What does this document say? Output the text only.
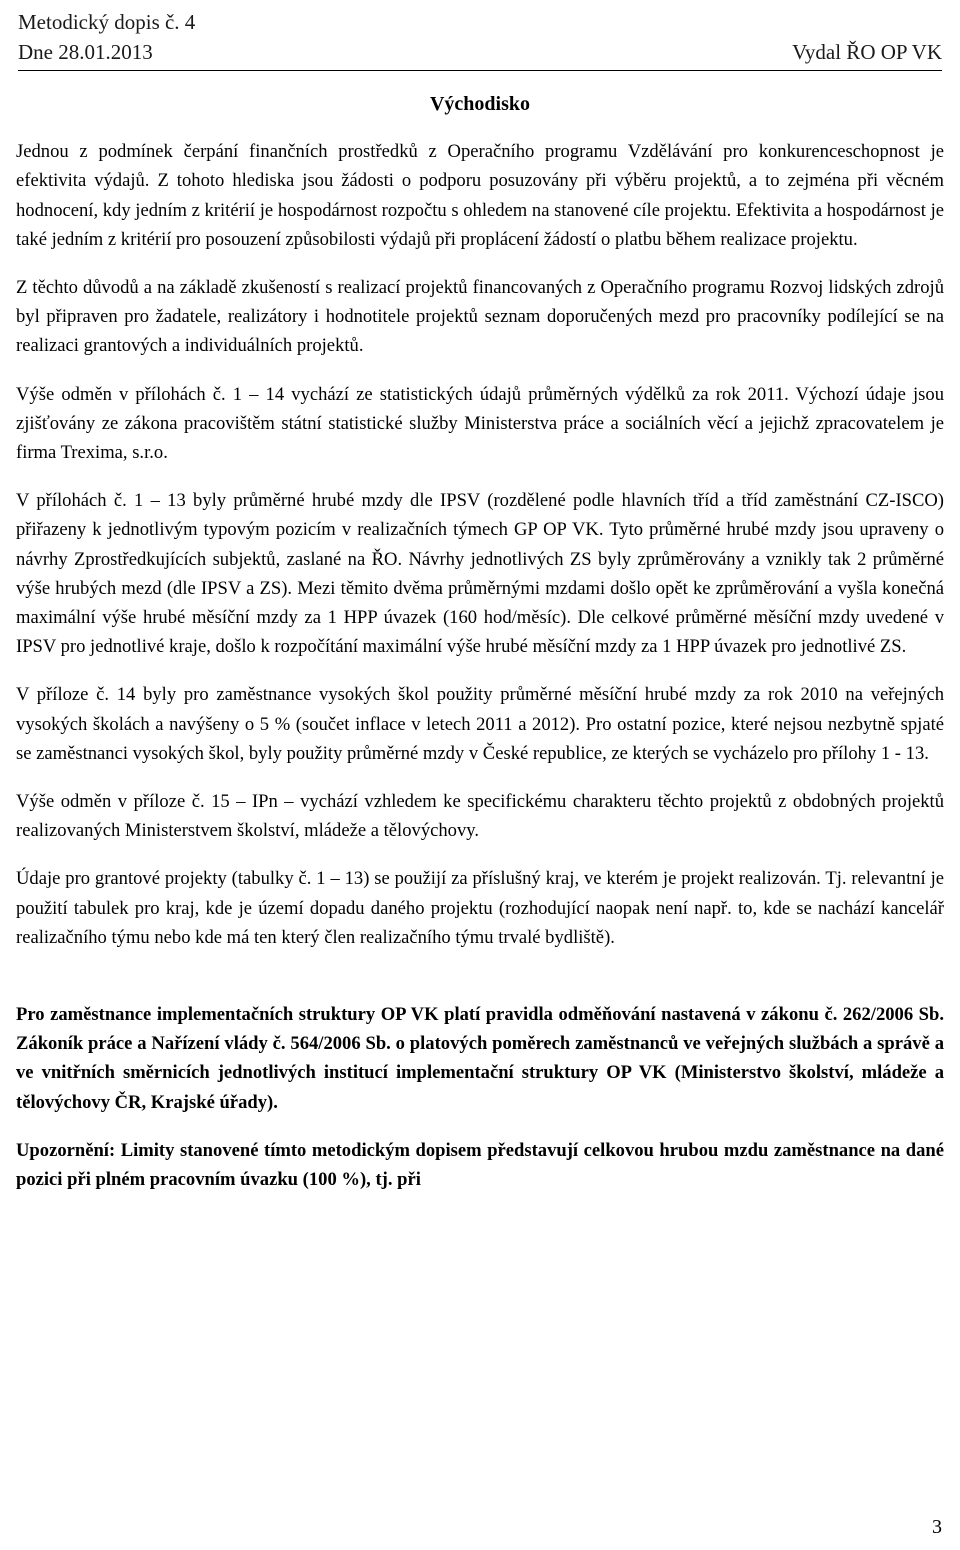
Metodický dopis č. 4
Dne 28.01.2013	Vydal ŘO OP VK
Východisko

Jednou z podmínek čerpání finančních prostředků z Operačního programu Vzdělávání pro konkurenceschopnost je efektivita výdajů. Z tohoto hlediska jsou žádosti o podporu posuzovány při výběru projektů, a to zejména při věcném hodnocení, kdy jedním z kritérií je hospodárnost rozpočtu s ohledem na stanovené cíle projektu. Efektivita a hospodárnost je také jedním z kritérií pro posouzení způsobilosti výdajů při proplácení žádostí o platbu během realizace projektu.

Z těchto důvodů a na základě zkušeností s realizací projektů financovaných z Operačního programu Rozvoj lidských zdrojů byl připraven pro žadatele, realizátory i hodnotitele projektů seznam doporučených mezd pro pracovníky podílející se na realizaci grantových a individuálních projektů.

Výše odměn v přílohách č. 1 – 14 vychází ze statistických údajů průměrných výdělků za rok 2011. Výchozí údaje jsou zjišťovány ze zákona pracovištěm státní statistické služby Ministerstva práce a sociálních věcí a jejichž zpracovatelem je firma Trexima, s.r.o.

V přílohách č. 1 – 13 byly průměrné hrubé mzdy dle IPSV (rozdělené podle hlavních tříd a tříd zaměstnání CZ-ISCO) přiřazeny k jednotlivým typovým pozicím v realizačních týmech GP OP VK. Tyto průměrné hrubé mzdy jsou upraveny o návrhy Zprostředkujících subjektů, zaslané na ŘO. Návrhy jednotlivých ZS byly zprůměrovány a vznikly tak 2 průměrné výše hrubých mezd (dle IPSV a ZS). Mezi těmito dvěma průměrnými mzdami došlo opět ke zprůměrování a vyšla konečná maximální výše hrubé měsíční mzdy za 1 HPP úvazek (160 hod/měsíc). Dle celkové průměrné měsíční mzdy uvedené v IPSV pro jednotlivé kraje, došlo k rozpočítání maximální výše hrubé měsíční mzdy za 1 HPP úvazek pro jednotlivé ZS.

V příloze č. 14 byly pro zaměstnance vysokých škol použity průměrné měsíční hrubé mzdy za rok 2010 na veřejných vysokých školách a navýšeny o 5 % (součet inflace v letech 2011 a 2012). Pro ostatní pozice, které nejsou nezbytně spjaté se zaměstnanci vysokých škol, byly použity průměrné mzdy v České republice, ze kterých se vycházelo pro přílohy 1 - 13.

Výše odměn v příloze č. 15 – IPn – vychází vzhledem ke specifickému charakteru těchto projektů z obdobných projektů realizovaných Ministerstvem školství, mládeže a tělovýchovy.

Údaje pro grantové projekty (tabulky č. 1 – 13) se použijí za příslušný kraj, ve kterém je projekt realizován. Tj. relevantní je použití tabulek pro kraj, kde je území dopadu daného projektu (rozhodující naopak není např. to, kde se nachází kancelář realizačního týmu nebo kde má ten který člen realizačního týmu trvalé bydliště).

Pro zaměstnance implementačních struktury OP VK platí pravidla odměňování nastavená v zákonu č. 262/2006 Sb. Zákoník práce a Nařízení vlády č. 564/2006 Sb. o platových poměrech zaměstnanců ve veřejných službách a správě a ve vnitřních směrnicích jednotlivých institucí implementační struktury OP VK (Ministerstvo školství, mládeže a tělovýchovy ČR, Krajské úřady).

Upozornění: Limity stanovené tímto metodickým dopisem představují celkovou hrubou mzdu zaměstnance na dané pozici při plném pracovním úvazku (100 %), tj. při

3
